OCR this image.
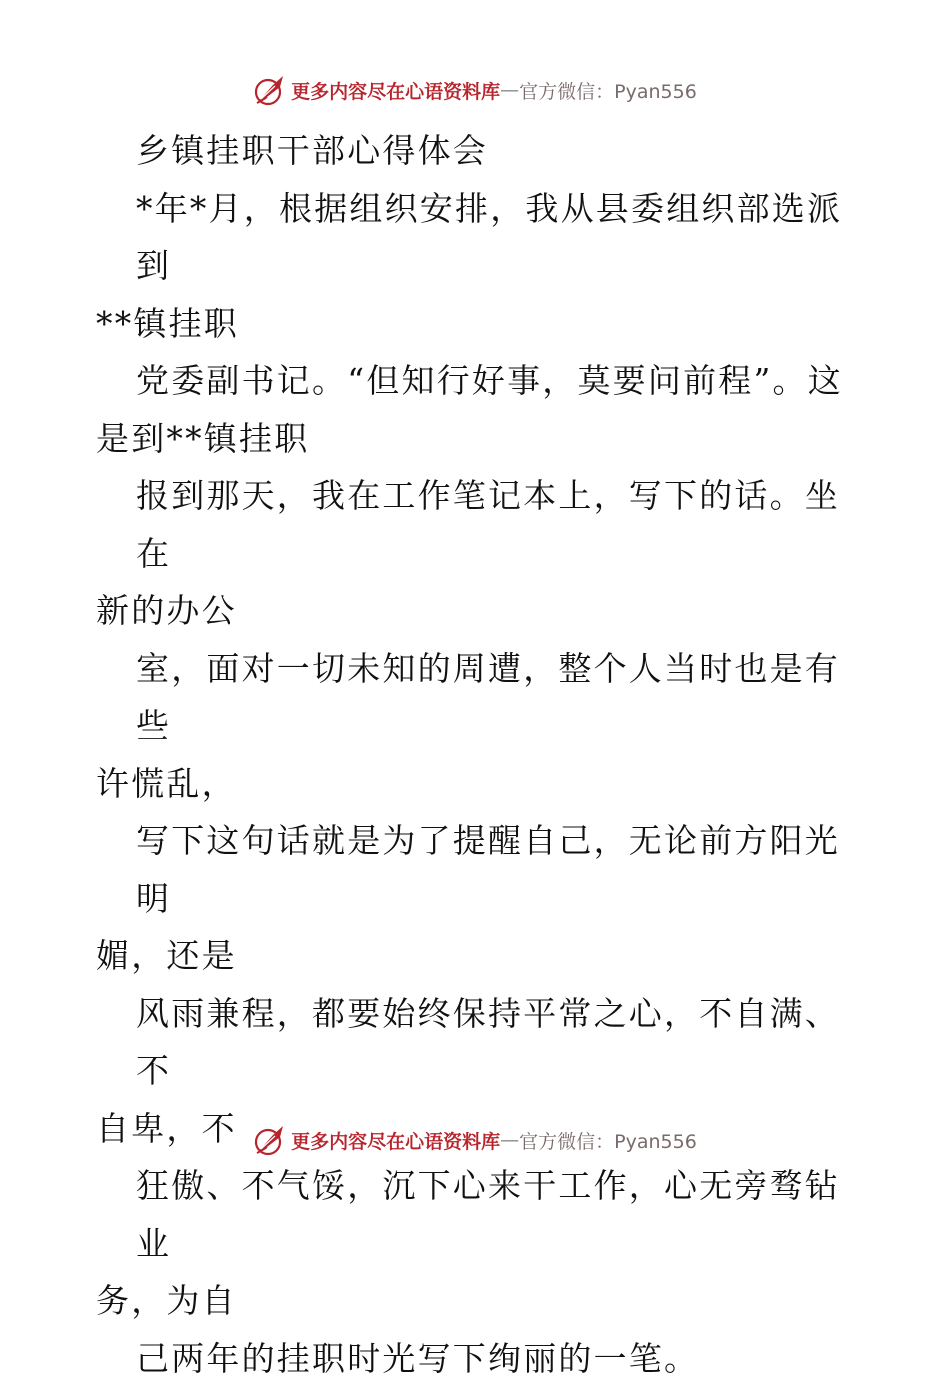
更多内容尽在心语资料库 — 官方微信：Pyan556

乡镇挂职干部心得体会

*年*月，根据组织安排，我从县委组织部选派到

**镇挂职

党委副书记。“但知行好事，莫要问前程”。这

是到**镇挂职

报到那天，我在工作笔记本上，写下的话。坐在

新的办公

室，面对一切未知的周遭，整个人当时也是有些

许慌乱，

写下这句话就是为了提醒自己，无论前方阳光明

媚，还是

风雨兼程，都要始终保持平常之心，不自满、不

自卑，不

狂傲、不气馁，沉下心来干工作，心无旁骛钻业

务，为自

己两年的挂职时光写下绚丽的一笔。

更多内容尽在心语资料库 — 官方微信：Pyan556
